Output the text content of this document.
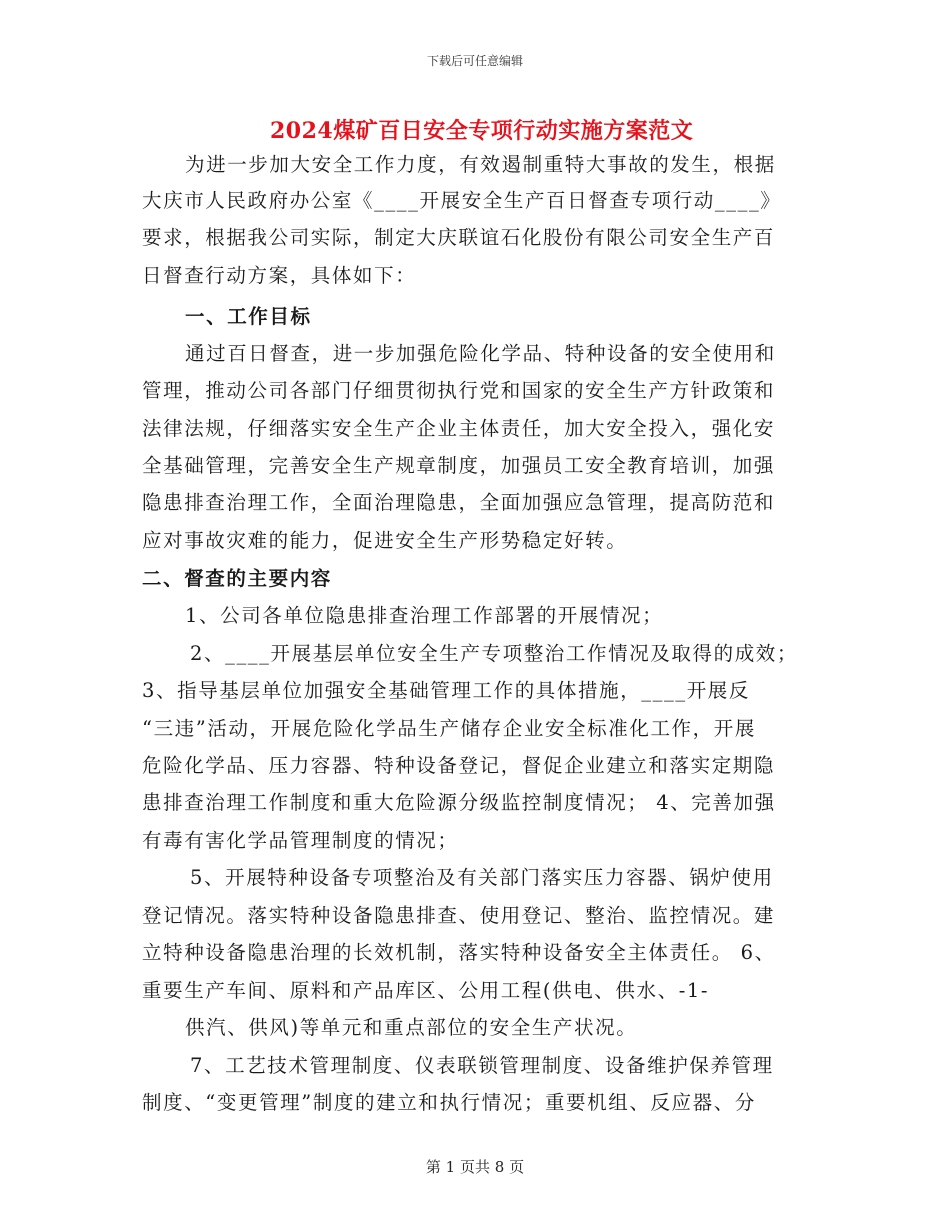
下载后可任意编辑
2024煤矿百日安全专项行动实施方案范文
为进一步加大安全工作力度，有效遏制重特大事故的发生，根据
大庆市人民政府办公室《____开展安全生产百日督查专项行动____》
要求，根据我公司实际，制定大庆联谊石化股份有限公司安全生产百
日督查行动方案，具体如下：
一、工作目标
通过百日督查，进一步加强危险化学品、特种设备的安全使用和
管理，推动公司各部门仔细贯彻执行党和国家的安全生产方针政策和
法律法规，仔细落实安全生产企业主体责任，加大安全投入，强化安
全基础管理，完善安全生产规章制度，加强员工安全教育培训，加强
隐患排查治理工作，全面治理隐患，全面加强应急管理，提高防范和
应对事故灾难的能力，促进安全生产形势稳定好转。
二、督查的主要内容
1、公司各单位隐患排查治理工作部署的开展情况；
2、____开展基层单位安全生产专项整治工作情况及取得的成效；
3、指导基层单位加强安全基础管理工作的具体措施，____开展反
“三违”活动，开展危险化学品生产储存企业安全标准化工作，开展
危险化学品、压力容器、特种设备登记，督促企业建立和落实定期隐
患排查治理工作制度和重大危险源分级监控制度情况； 4、完善加强
有毒有害化学品管理制度的情况；
5、开展特种设备专项整治及有关部门落实压力容器、锅炉使用
登记情况。落实特种设备隐患排查、使用登记、整治、监控情况。建
立特种设备隐患治理的长效机制，落实特种设备安全主体责任。 6、
重要生产车间、原料和产品库区、公用工程(供电、供水、-1-
供汽、供风)等单元和重点部位的安全生产状况。
7、工艺技术管理制度、仪表联锁管理制度、设备维护保养管理
制度、“变更管理”制度的建立和执行情况；重要机组、反应器、分
第 1 页共 8 页
